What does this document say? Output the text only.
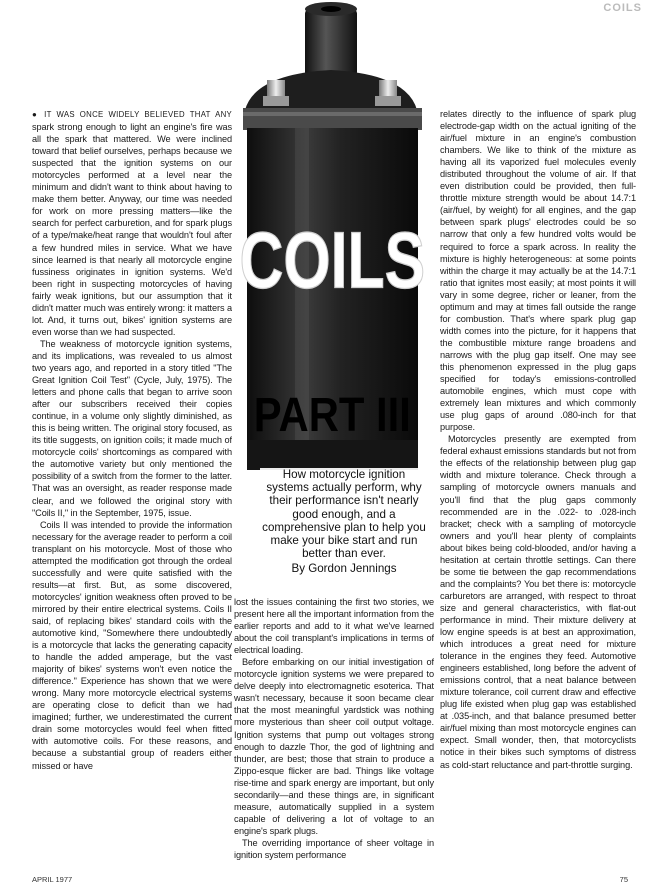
COILS
COILS
PART III
How motorcycle ignition systems actually perform, why their performance isn't nearly good enough, and a comprehensive plan to help you make your bike start and run better than ever.
By Gordon Jennings

● IT WAS ONCE WIDELY BELIEVED THAT ANY spark strong enough to light an engine's fire was all the spark that mattered. We were inclined toward that belief ourselves, perhaps because we suspected that the ignition systems on our motorcycles performed at a level near the minimum and didn't want to think about having to make them better. Anyway, our time was needed for work on more pressing matters—like the search for perfect carburetion, and for spark plugs of a type/make/heat range that wouldn't foul after a few hundred miles in service. What we have since learned is that nearly all motorcycle engine fussiness originates in ignition systems. We'd been right in suspecting motorcycles of having fairly weak ignitions, but our assumption that it didn't matter much was entirely wrong: it matters a lot. And, it turns out, bikes' ignition systems are even worse than we had suspected.

The weakness of motorcycle ignition systems, and its implications, was revealed to us almost two years ago, and reported in a story titled "The Great Ignition Coil Test" (Cycle, July, 1975). The letters and phone calls that began to arrive soon after our subscribers received their copies continue, in a volume only slightly diminished, as this is being written. The original story focused, as its title suggests, on ignition coils; it made much of motorcycle coils' shortcomings as compared with the automotive variety but only mentioned the possibility of a switch from the former to the latter. That was an oversight, as reader response made clear, and we followed the original story with "Coils II," in the September, 1975, issue.

Coils II was intended to provide the information necessary for the average reader to perform a coil transplant on his motorcycle. Most of those who attempted the modification got through the ordeal successfully and were quite satisfied with the results—at first. But, as some discovered, motorcycles' ignition weakness often proved to be mirrored by their entire electrical systems. Coils II said, of replacing bikes' standard coils with the automotive kind, "Somewhere there undoubtedly is a motorcycle that lacks the generating capacity to handle the added amperage, but the vast majority of bikes' systems won't even notice the difference." Experience has shown that we were wrong. Many more motorcycle electrical systems are operating close to deficit than we had imagined; further, we underestimated the current drain some motorcycles would feel when fitted with automotive coils. For these reasons, and because a substantial group of readers either missed or have

lost the issues containing the first two stories, we present here all the important information from the earlier reports and add to it what we've learned about the coil transplant's implications in terms of electrical loading.

Before embarking on our initial investigation of motorcycle ignition systems we were prepared to delve deeply into electromagnetic esoterica. That wasn't necessary, because it soon became clear that the most meaningful yardstick was nothing more mysterious than sheer coil output voltage. Ignition systems that pump out voltages strong enough to dazzle Thor, the god of lightning and thunder, are best; those that strain to produce a Zippo-esque flicker are bad. Things like voltage rise-time and spark energy are important, but only secondarily—and these things are, in significant measure, automatically supplied in a system capable of delivering a lot of voltage to an engine's spark plugs.

The overriding importance of sheer voltage in ignition system performance

relates directly to the influence of spark plug electrode-gap width on the actual igniting of the air/fuel mixture in an engine's combustion chambers. We like to think of the mixture as having all its vaporized fuel molecules evenly distributed throughout the volume of air. If that even distribution could be provided, then full-throttle mixture strength would be about 14.7:1 (air/fuel, by weight) for all engines, and the gap between spark plugs' electrodes could be so narrow that only a few hundred volts would be required to force a spark across. In reality the mixture is highly heterogeneous: at some points within the charge it may actually be at the 14.7:1 ratio that ignites most easily; at most points it will vary in some degree, richer or leaner, from the optimum and may at times fall outside the range for combustion. That's where spark plug gap width comes into the picture, for it happens that the combustible mixture range broadens and narrows with the plug gap itself. One may see this phenomenon expressed in the plug gaps specified for today's emissions-controlled automobile engines, which must cope with extremely lean mixtures and which commonly use plug gaps of around .080-inch for that purpose.

Motorcycles presently are exempted from federal exhaust emissions standards but not from the effects of the relationship between plug gap width and mixture tolerance. Check through a sampling of motorcycle owners manuals and you'll find that the plug gaps commonly recommended are in the .022- to .028-inch bracket; check with a sampling of motorcycle owners and you'll hear plenty of complaints about bikes being cold-blooded, and/or having a hesitation at certain throttle settings. Can there be some tie between the gap recommendations and the complaints? You bet there is: motorcycle carburetors are arranged, with respect to throat size and general characteristics, with flat-out performance in mind. Their mixture delivery at low engine speeds is at best an approximation, which introduces a great need for mixture tolerance in the engines they feed. Automotive engineers established, long before the advent of emissions control, that a neat balance between mixture tolerance, coil current draw and effective plug life existed when plug gap was established at .035-inch, and that balance presumed better air/fuel mixing than most motorcycle engines can expect. Small wonder, then, that motorcyclists notice in their bikes such symptoms of distress as cold-start reluctance and part-throttle surging.

APRIL 1977	75
